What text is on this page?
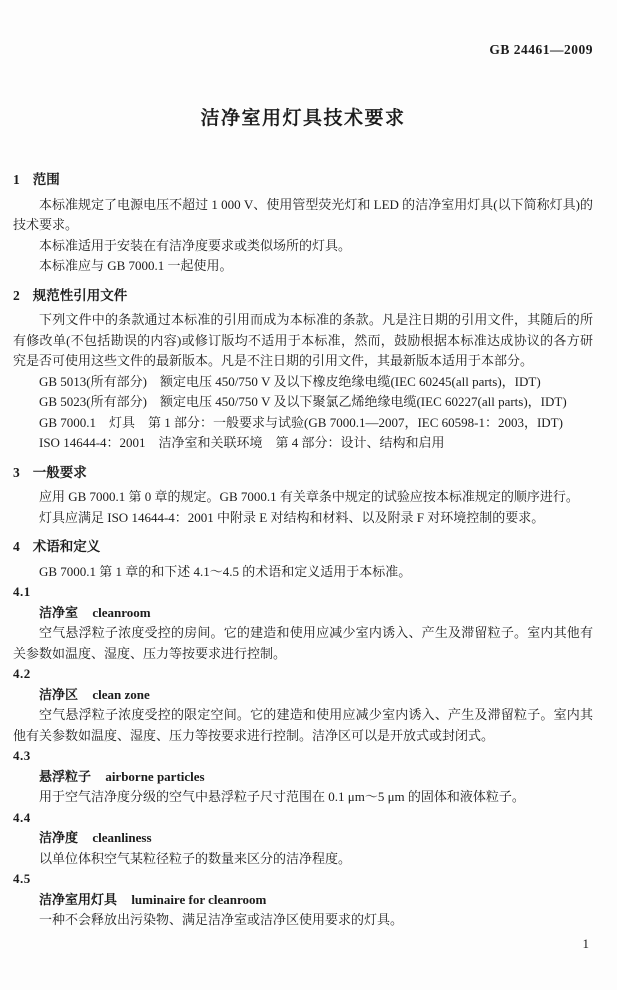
GB 24461—2009
洁净室用灯具技术要求
1 范围

本标准规定了电源电压不超过 1 000 V、使用管型荧光灯和 LED 的洁净室用灯具(以下简称灯具)的技术要求。

本标准适用于安装在有洁净度要求或类似场所的灯具。

本标准应与 GB 7000.1 一起使用。

2 规范性引用文件

下列文件中的条款通过本标准的引用而成为本标准的条款。凡是注日期的引用文件，其随后的所有修改单(不包括勘误的内容)或修订版均不适用于本标准，然而，鼓励根据本标准达成协议的各方研究是否可使用这些文件的最新版本。凡是不注日期的引用文件，其最新版本适用于本部分。

GB 5013(所有部分)　额定电压 450/750 V 及以下橡皮绝缘电缆(IEC 60245(all parts)，IDT)

GB 5023(所有部分)　额定电压 450/750 V 及以下聚氯乙烯绝缘电缆(IEC 60227(all parts)，IDT)

GB 7000.1　灯具　第 1 部分：一般要求与试验(GB 7000.1—2007，IEC 60598-1：2003，IDT)

ISO 14644-4：2001　洁净室和关联环境　第 4 部分：设计、结构和启用

3 一般要求

应用 GB 7000.1 第 0 章的规定。GB 7000.1 有关章条中规定的试验应按本标准规定的顺序进行。

灯具应满足 ISO 14644-4：2001 中附录 E 对结构和材料、以及附录 F 对环境控制的要求。

4 术语和定义

GB 7000.1 第 1 章的和下述 4.1～4.5 的术语和定义适用于本标准。

4.1
洁净室 cleanroom

空气悬浮粒子浓度受控的房间。它的建造和使用应减少室内诱入、产生及滞留粒子。室内其他有关参数如温度、湿度、压力等按要求进行控制。

4.2
洁净区 clean zone

空气悬浮粒子浓度受控的限定空间。它的建造和使用应减少室内诱入、产生及滞留粒子。室内其他有关参数如温度、湿度、压力等按要求进行控制。洁净区可以是开放式或封闭式。

4.3
悬浮粒子 airborne particles

用于空气洁净度分级的空气中悬浮粒子尺寸范围在 0.1 μm～5 μm 的固体和液体粒子。

4.4
洁净度 cleanliness

以单位体积空气某粒径粒子的数量来区分的洁净程度。

4.5
洁净室用灯具 luminaire for cleanroom

一种不会释放出污染物、满足洁净室或洁净区使用要求的灯具。

1
